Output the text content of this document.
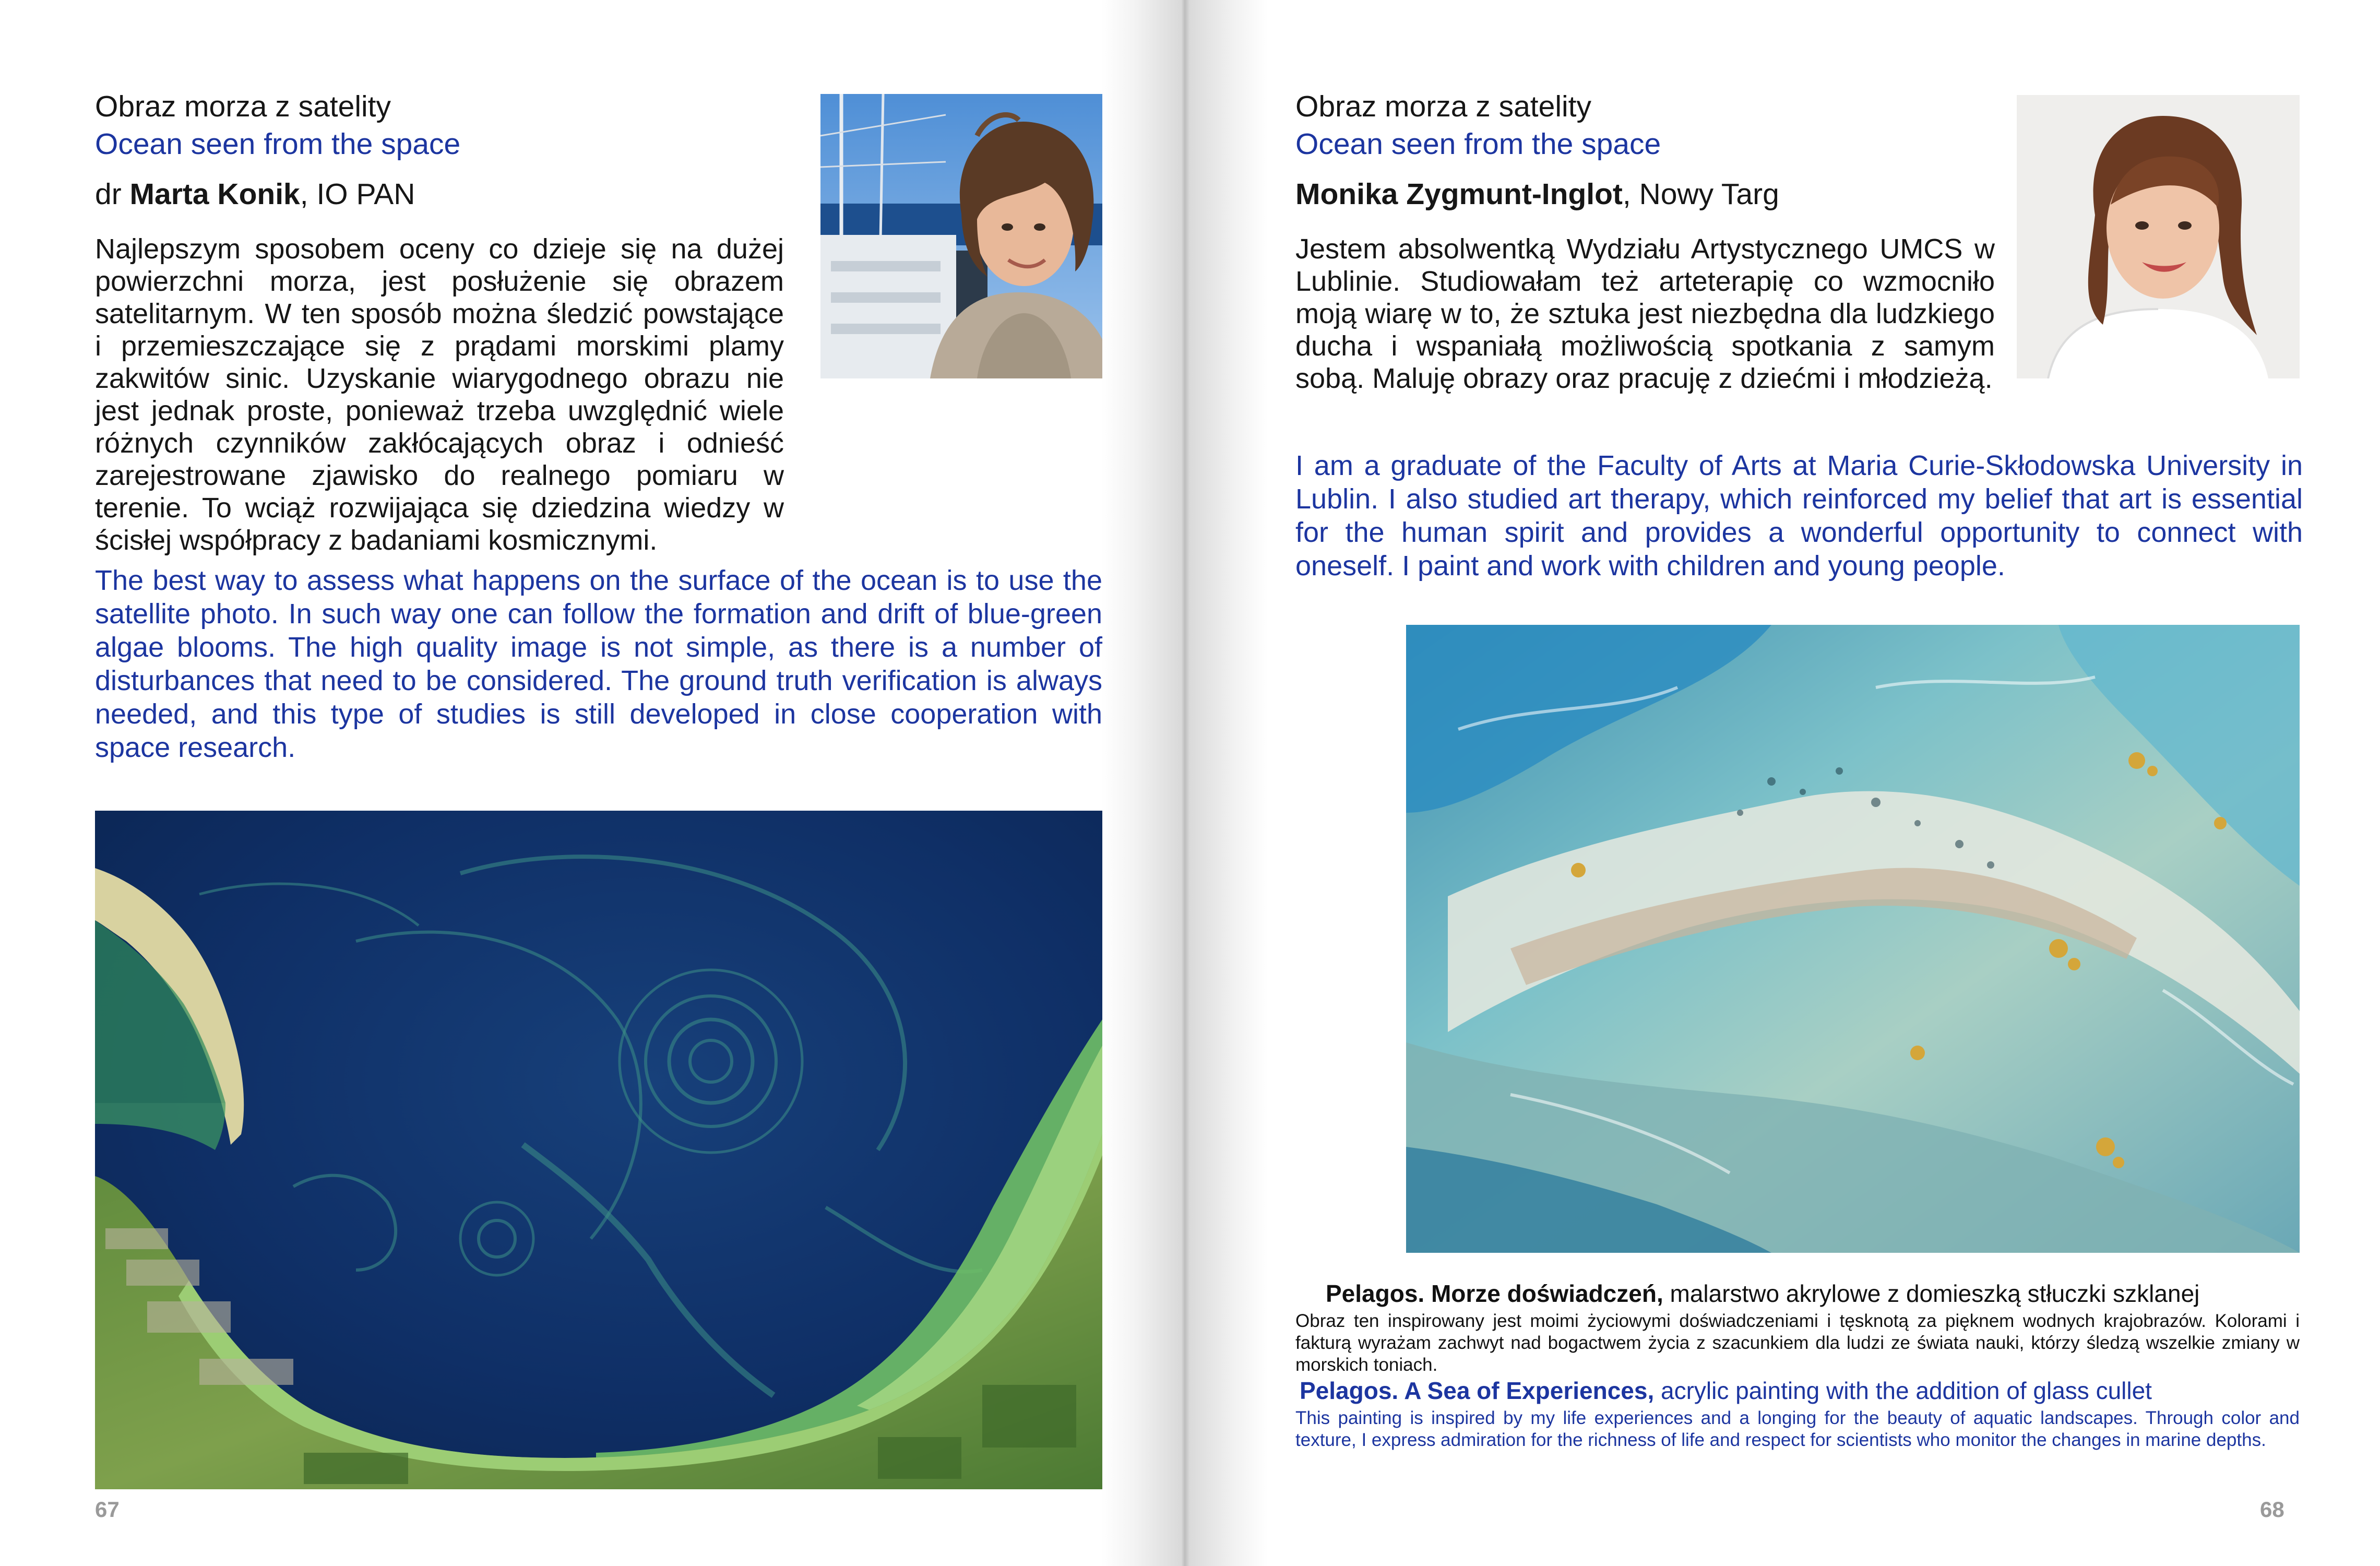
Obraz morza z satelity
Ocean seen from the space
dr Marta Konik, IO PAN
Najlepszym sposobem oceny co dzieje się na dużej powierzchni morza, jest posłużenie się obrazem satelitarnym. W ten sposób można śledzić powstające i przemieszczające się z prądami morskimi plamy zakwitów sinic. Uzyskanie wiarygodnego obrazu nie jest jednak proste, ponieważ trzeba uwzględnić wiele różnych czynników zakłócających obraz i odnieść zarejestrowane zjawisko do realnego pomiaru w terenie. To wciąż rozwijająca się dziedzina wiedzy w ścisłej współpracy z badaniami kosmicznymi.
The best way to assess what happens on the surface of the ocean is to use the satellite photo. In such way one can follow the formation and drift of blue-green algae blooms. The high quality image is not simple, as there is a number of disturbances that need to be considered. The ground truth verification is always needed, and this type of studies is still developed in close cooperation with space research.
67
Obraz morza z satelity
Ocean seen from the space
Monika Zygmunt-Inglot, Nowy Targ
Jestem absolwentką Wydziału Artystycznego UMCS w Lublinie. Studiowałam też arteterapię co wzmocniło moją wiarę w to, że sztuka jest niezbędna dla ludzkiego ducha i wspaniałą możliwością spotkania z samym sobą. Maluję obrazy oraz pracuję z dziećmi i młodzieżą.
I am a graduate of the Faculty of Arts at Maria Curie-Skłodowska University in Lublin. I also studied art therapy, which reinforced my belief that art is essential for the human spirit and provides a wonderful opportunity to connect with oneself. I paint and work with children and young people.
Pelagos. Morze doświadczeń, malarstwo akrylowe z domieszką stłuczki szklanej
Obraz ten inspirowany jest moimi życiowymi doświadczeniami i tęsknotą za pięknem wodnych krajobrazów. Kolorami i fakturą wyrażam zachwyt nad bogactwem życia z szacunkiem dla ludzi ze świata nauki, którzy śledzą wszelkie zmiany w morskich toniach.
Pelagos. A Sea of Experiences, acrylic painting with the addition of glass cullet
This painting is inspired by my life experiences and a longing for the beauty of aquatic landscapes. Through color and texture, I express admiration for the richness of life and respect for scientists who monitor the changes in marine depths.
68
